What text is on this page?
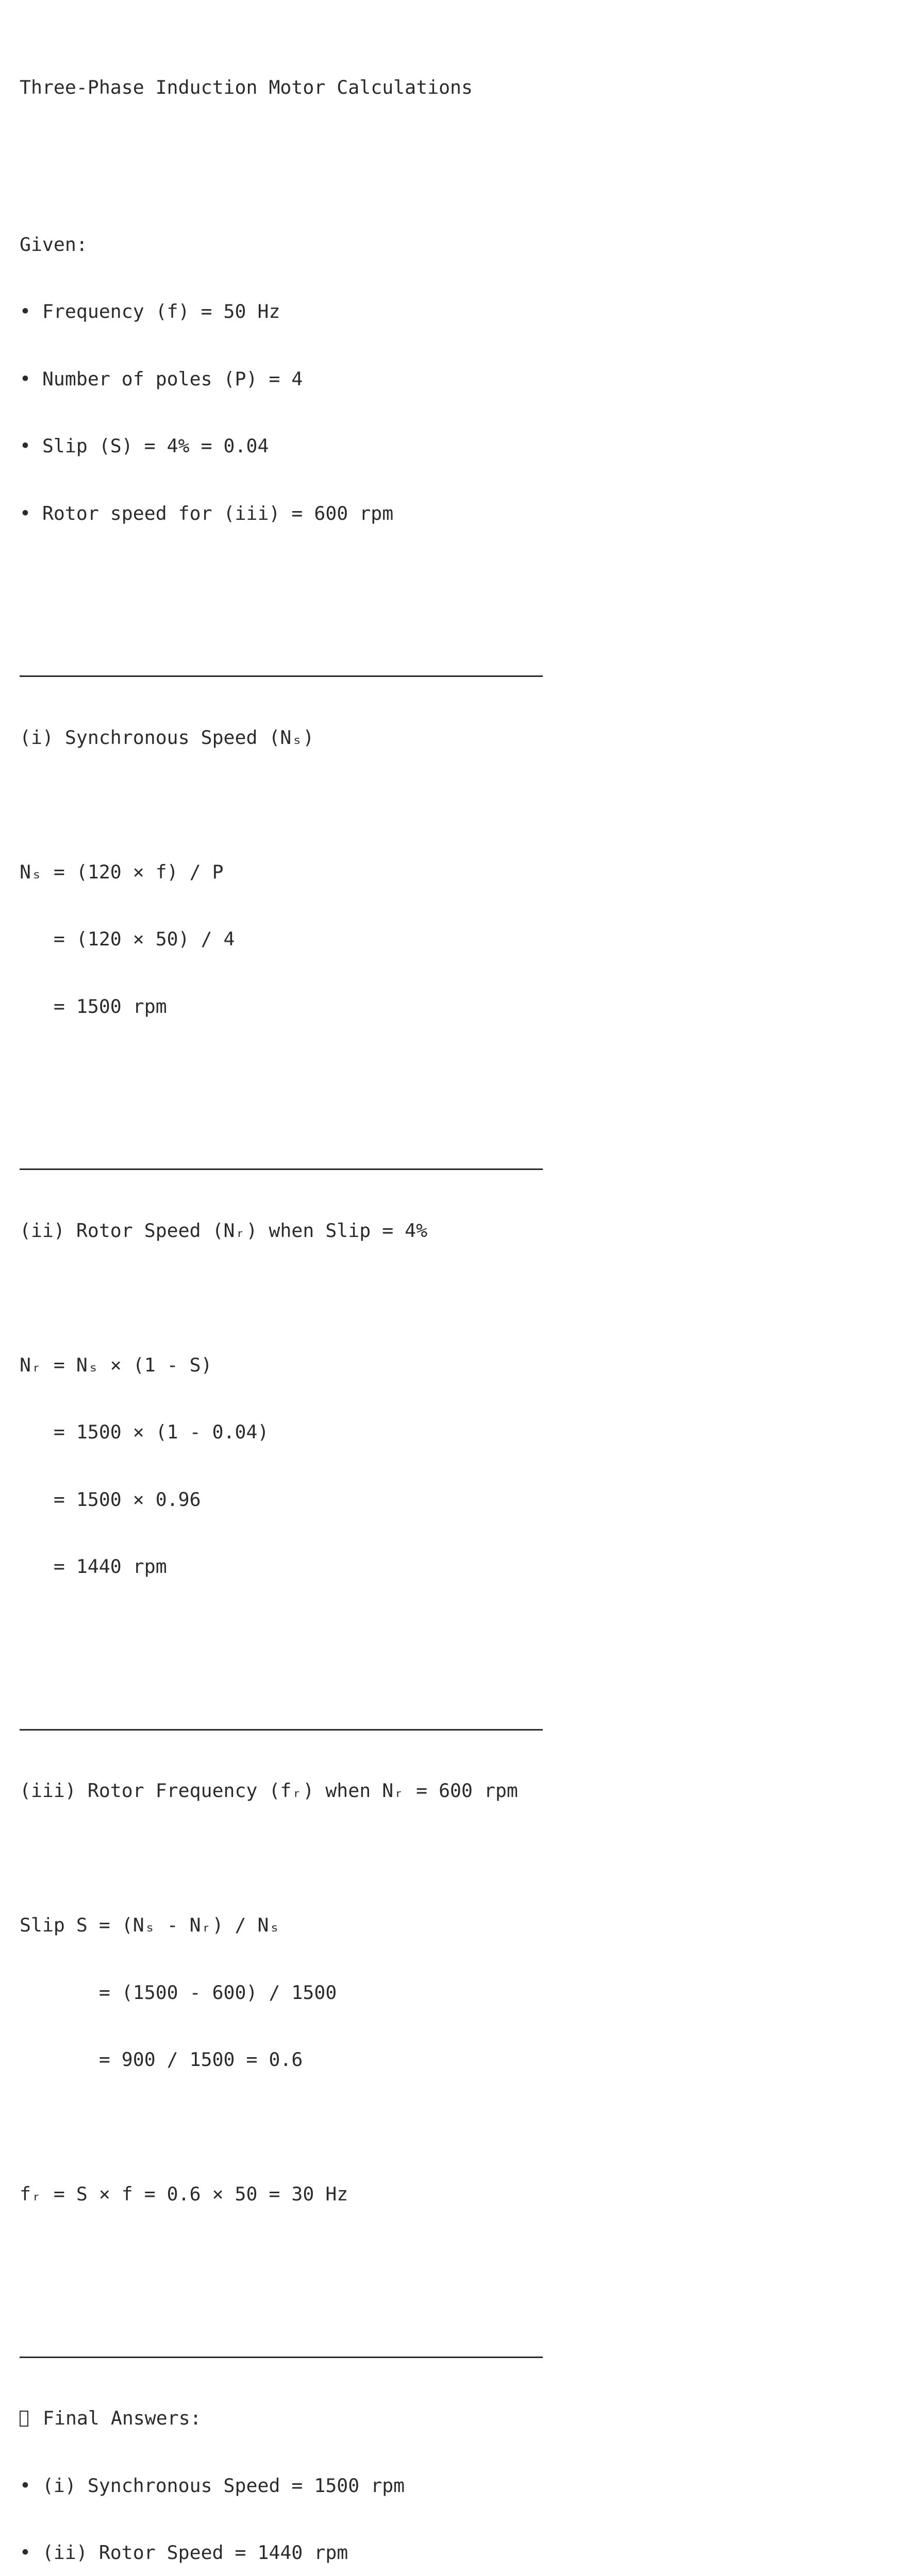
Three-Phase Induction Motor Calculations

Given:

• Frequency (f) = 50 Hz

• Number of poles (P) = 4

• Slip (S) = 4% = 0.04

• Rotor speed for (iii) = 600 rpm

(i) Synchronous Speed (Nₛ)

Nₛ = (120 × f) / P

= (120 × 50) / 4

= 1500 rpm

(ii) Rotor Speed (Nᵣ) when Slip = 4%

Nᵣ = Nₛ × (1 - S)

= 1500 × (1 - 0.04)

= 1500 × 0.96

= 1440 rpm

(iii) Rotor Frequency (fᵣ) when Nᵣ = 600 rpm

Slip S = (Nₛ - Nᵣ) / Nₛ

= (1500 - 600) / 1500

= 900 / 1500 = 0.6

fᵣ = S × f = 0.6 × 50 = 30 Hz

Final Answers:

• (i) Synchronous Speed = 1500 rpm

• (ii) Rotor Speed = 1440 rpm
